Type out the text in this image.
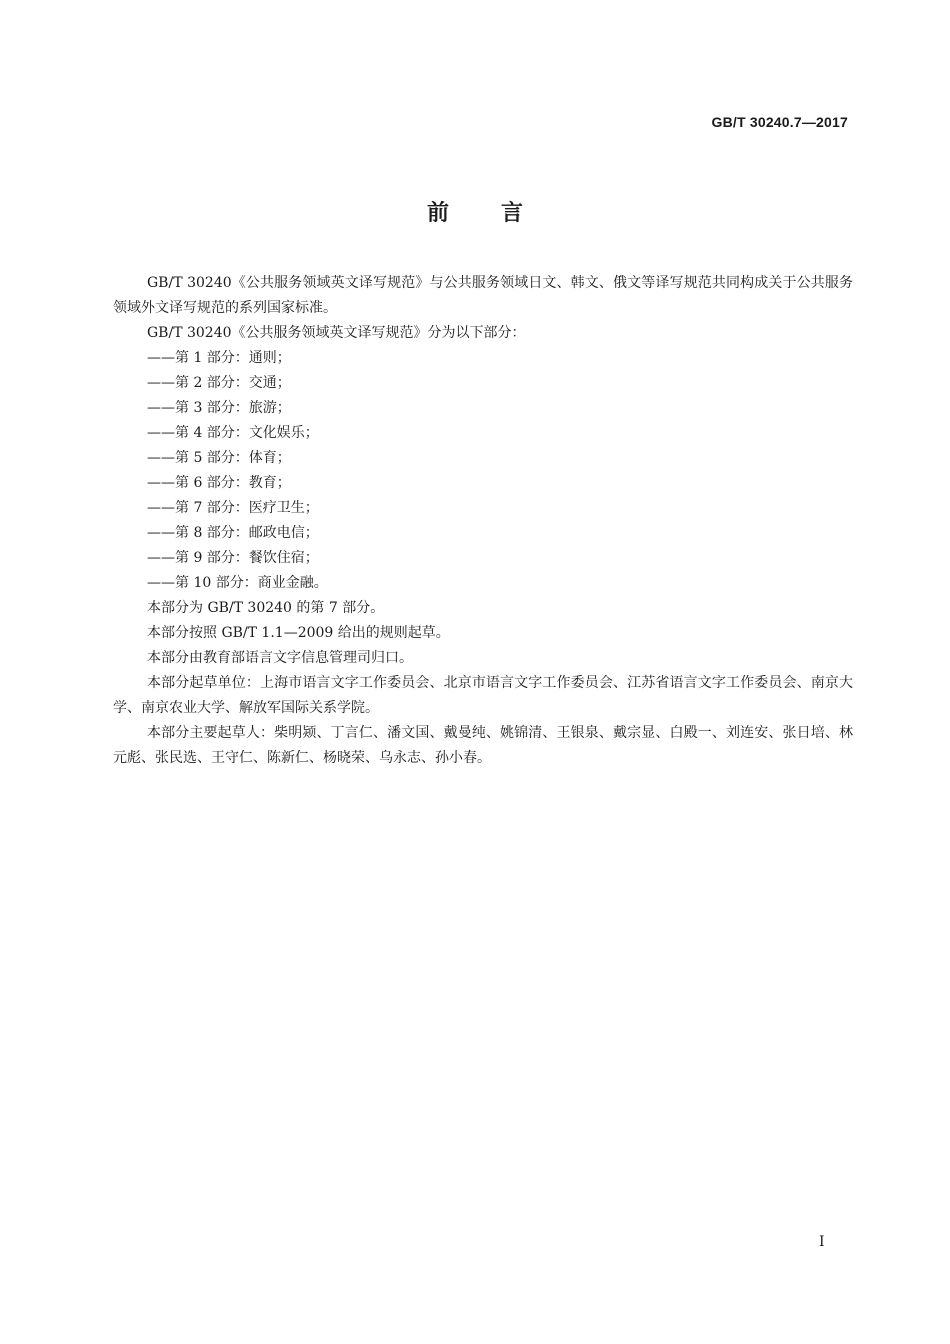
GB/T 30240.7—2017
前言

GB/T 30240《公共服务领域英文译写规范》与公共服务领域日文、韩文、俄文等译写规范共同构成关于公共服务领域外文译写规范的系列国家标准。

GB/T 30240《公共服务领域英文译写规范》分为以下部分：

——第 1 部分：通则；

——第 2 部分：交通；

——第 3 部分：旅游；

——第 4 部分：文化娱乐；

——第 5 部分：体育；

——第 6 部分：教育；

——第 7 部分：医疗卫生；

——第 8 部分：邮政电信；

——第 9 部分：餐饮住宿；

——第 10 部分：商业金融。

本部分为 GB/T 30240 的第 7 部分。

本部分按照 GB/T 1.1—2009 给出的规则起草。

本部分由教育部语言文字信息管理司归口。

本部分起草单位：上海市语言文字工作委员会、北京市语言文字工作委员会、江苏省语言文字工作委员会、南京大学、南京农业大学、解放军国际关系学院。

本部分主要起草人：柴明颎、丁言仁、潘文国、戴曼纯、姚锦清、王银泉、戴宗显、白殿一、刘连安、张日培、林元彪、张民选、王守仁、陈新仁、杨晓荣、乌永志、孙小春。

I
